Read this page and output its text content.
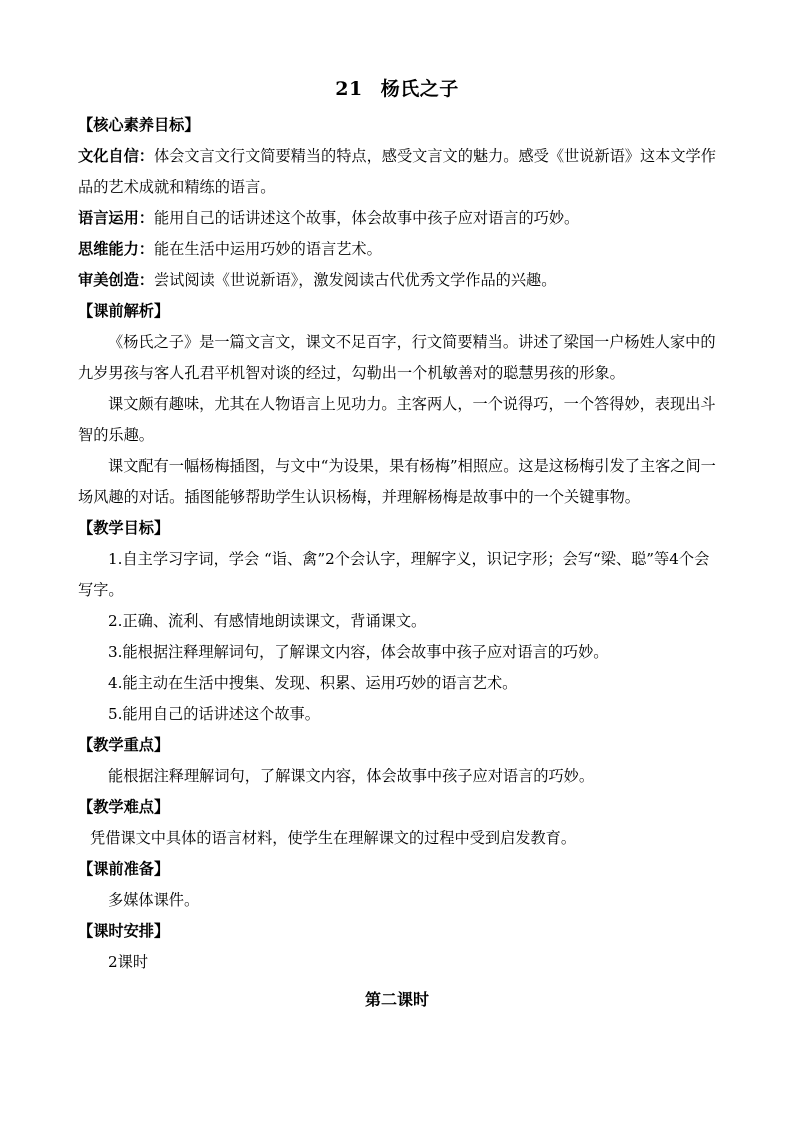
21 杨氏之子
【核心素养目标】
文化自信：体会文言文行文简要精当的特点，感受文言文的魅力。感受《世说新语》这本文学作品的艺术成就和精练的语言。
语言运用：能用自己的话讲述这个故事，体会故事中孩子应对语言的巧妙。
思维能力：能在生活中运用巧妙的语言艺术。
审美创造：尝试阅读《世说新语》，激发阅读古代优秀文学作品的兴趣。
【课前解析】
《杨氏之子》是一篇文言文，课文不足百字，行文简要精当。讲述了梁国一户杨姓人家中的九岁男孩与客人孔君平机智对谈的经过，勾勒出一个机敏善对的聪慧男孩的形象。
课文颇有趣味，尤其在人物语言上见功力。主客两人，一个说得巧，一个答得妙，表现出斗智的乐趣。
课文配有一幅杨梅插图，与文中“为设果，果有杨梅”相照应。这是这杨梅引发了主客之间一场风趣的对话。插图能够帮助学生认识杨梅，并理解杨梅是故事中的一个关键事物。
【教学目标】
1.自主学习字词，学会 “诣、禽”2个会认字，理解字义，识记字形；会写“梁、聪”等4个会写字。
2.正确、流利、有感情地朗读课文，背诵课文。
3.能根据注释理解词句，了解课文内容，体会故事中孩子应对语言的巧妙。
4.能主动在生活中搜集、发现、积累、运用巧妙的语言艺术。
5.能用自己的话讲述这个故事。
【教学重点】
能根据注释理解词句，了解课文内容，体会故事中孩子应对语言的巧妙。
【教学难点】
凭借课文中具体的语言材料，使学生在理解课文的过程中受到启发教育。
【课前准备】
多媒体课件。
【课时安排】
2课时
第二课时
